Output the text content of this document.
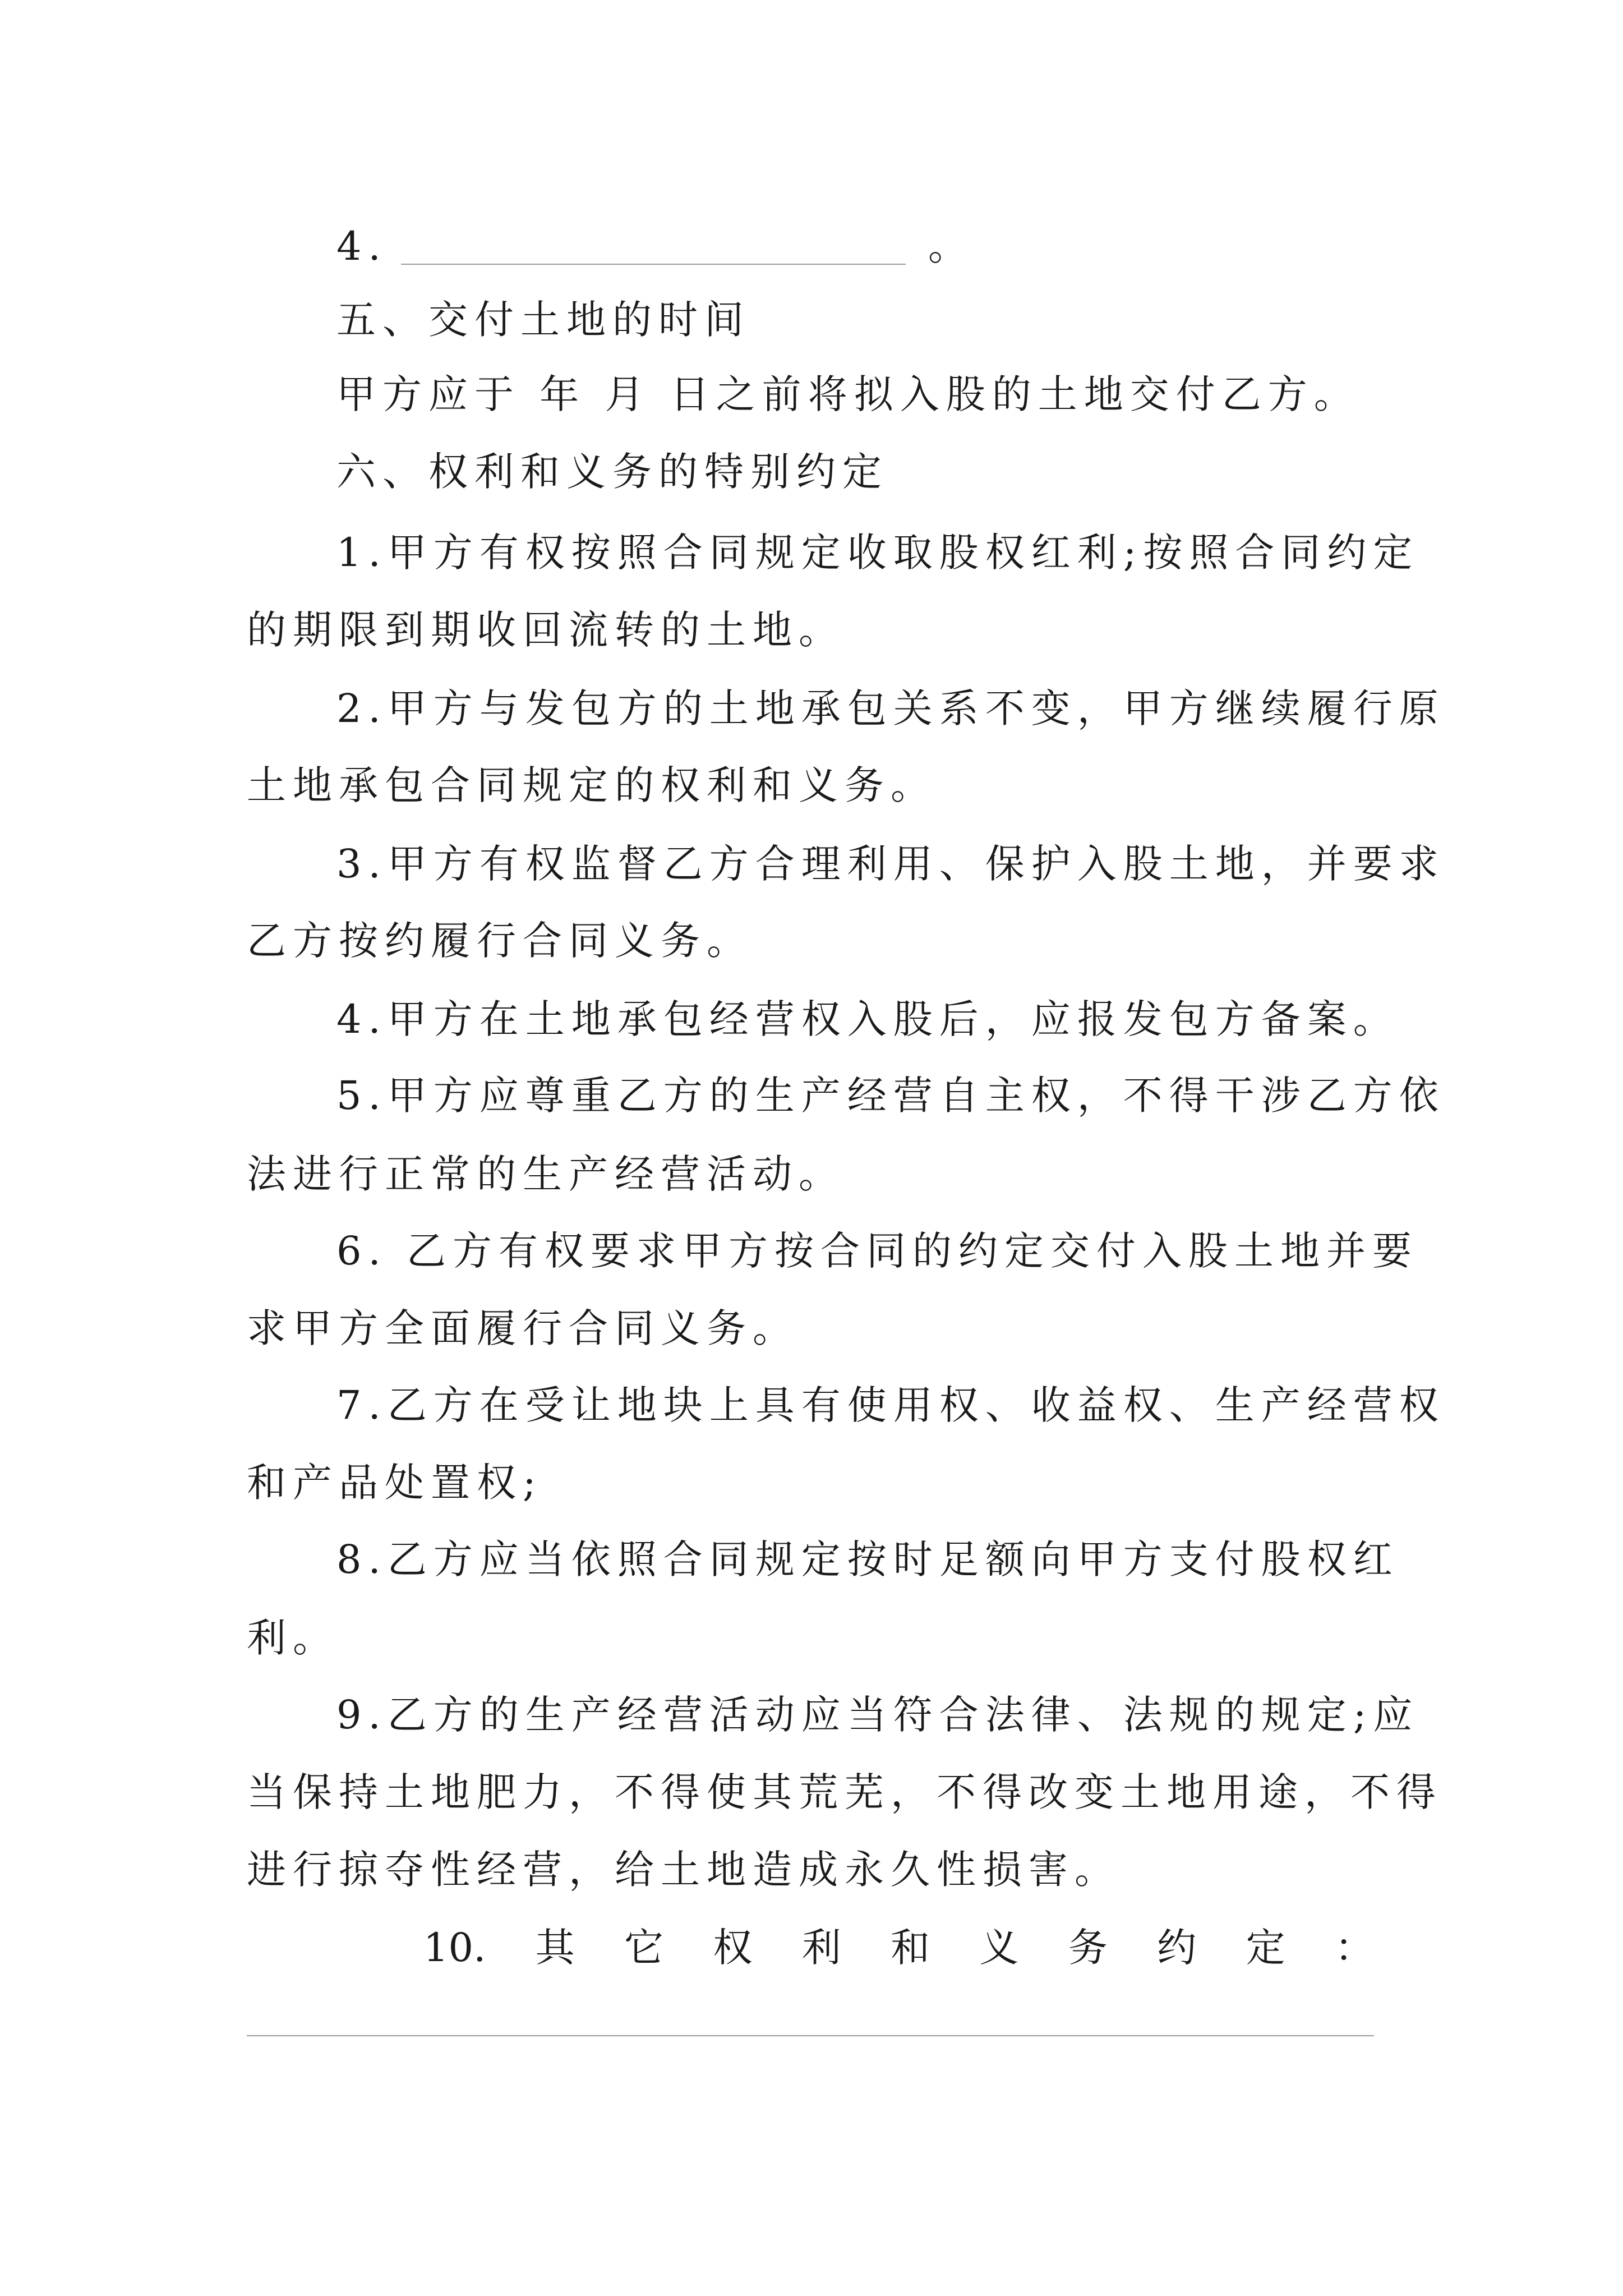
4.	。
五、交付土地的时间
甲方应于 年 月 日之前将拟入股的土地交付乙方。
六、权利和义务的特别约定
1.甲方有权按照合同规定收取股权红利;按照合同约定
的期限到期收回流转的土地。
2.甲方与发包方的土地承包关系不变，甲方继续履行原
土地承包合同规定的权利和义务。
3.甲方有权监督乙方合理利用、保护入股土地，并要求
乙方按约履行合同义务。
4.甲方在土地承包经营权入股后，应报发包方备案。
5.甲方应尊重乙方的生产经营自主权，不得干涉乙方依
法进行正常的生产经营活动。
6. 乙方有权要求甲方按合同的约定交付入股土地并要
求甲方全面履行合同义务。
7.乙方在受让地块上具有使用权、收益权、生产经营权
和产品处置权;
8.乙方应当依照合同规定按时足额向甲方支付股权红
利。
9.乙方的生产经营活动应当符合法律、法规的规定;应
当保持土地肥力，不得使其荒芜，不得改变土地用途，不得
进行掠夺性经营，给土地造成永久性损害。
10. 其 它 权 利 和 义 务 约 定 ：
